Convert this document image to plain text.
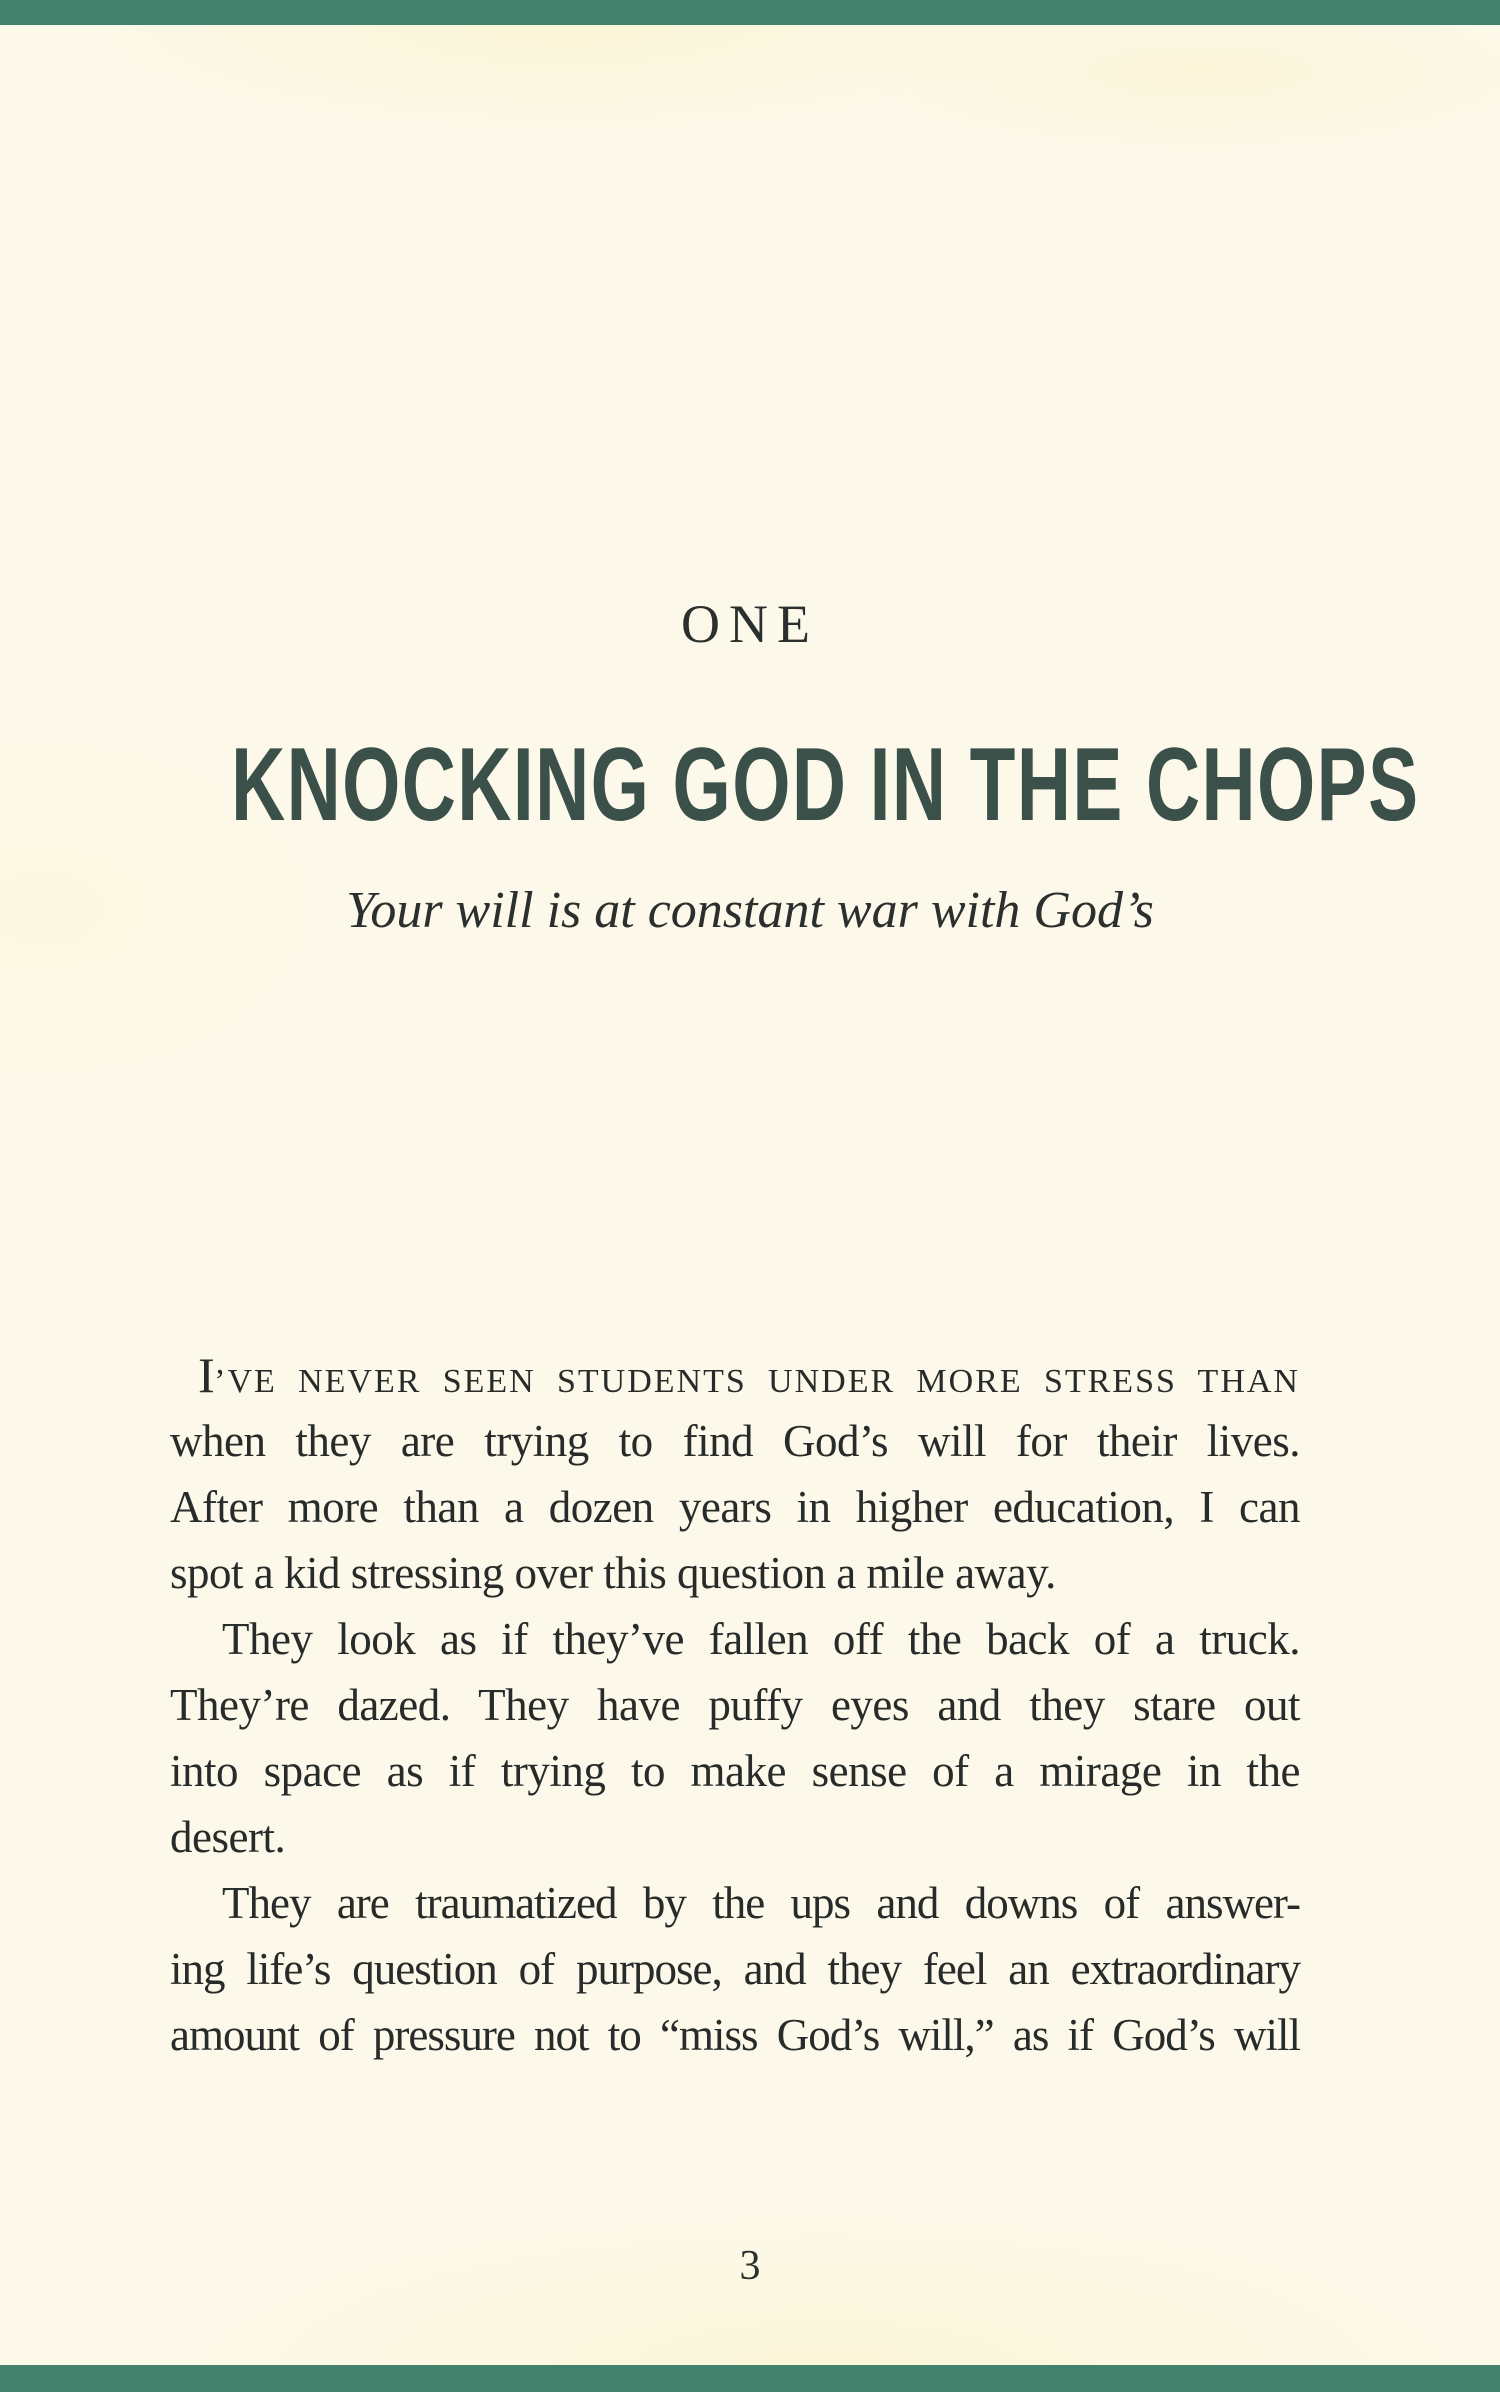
ONE
KNOCKING GOD IN THE CHOPS
Your will is at constant war with God’s
I’VE NEVER SEEN STUDENTS UNDER MORE STRESS THAN
when they are trying to find God’s will for their lives.
After more than a dozen years in higher education, I can
spot a kid stressing over this question a mile away.
They look as if they’ve fallen off the back of a truck.
They’re dazed. They have puffy eyes and they stare out
into space as if trying to make sense of a mirage in the
desert.
They are traumatized by the ups and downs of answer-
ing life’s question of purpose, and they feel an extraordinary
amount of pressure not to “miss God’s will,” as if God’s will
3
